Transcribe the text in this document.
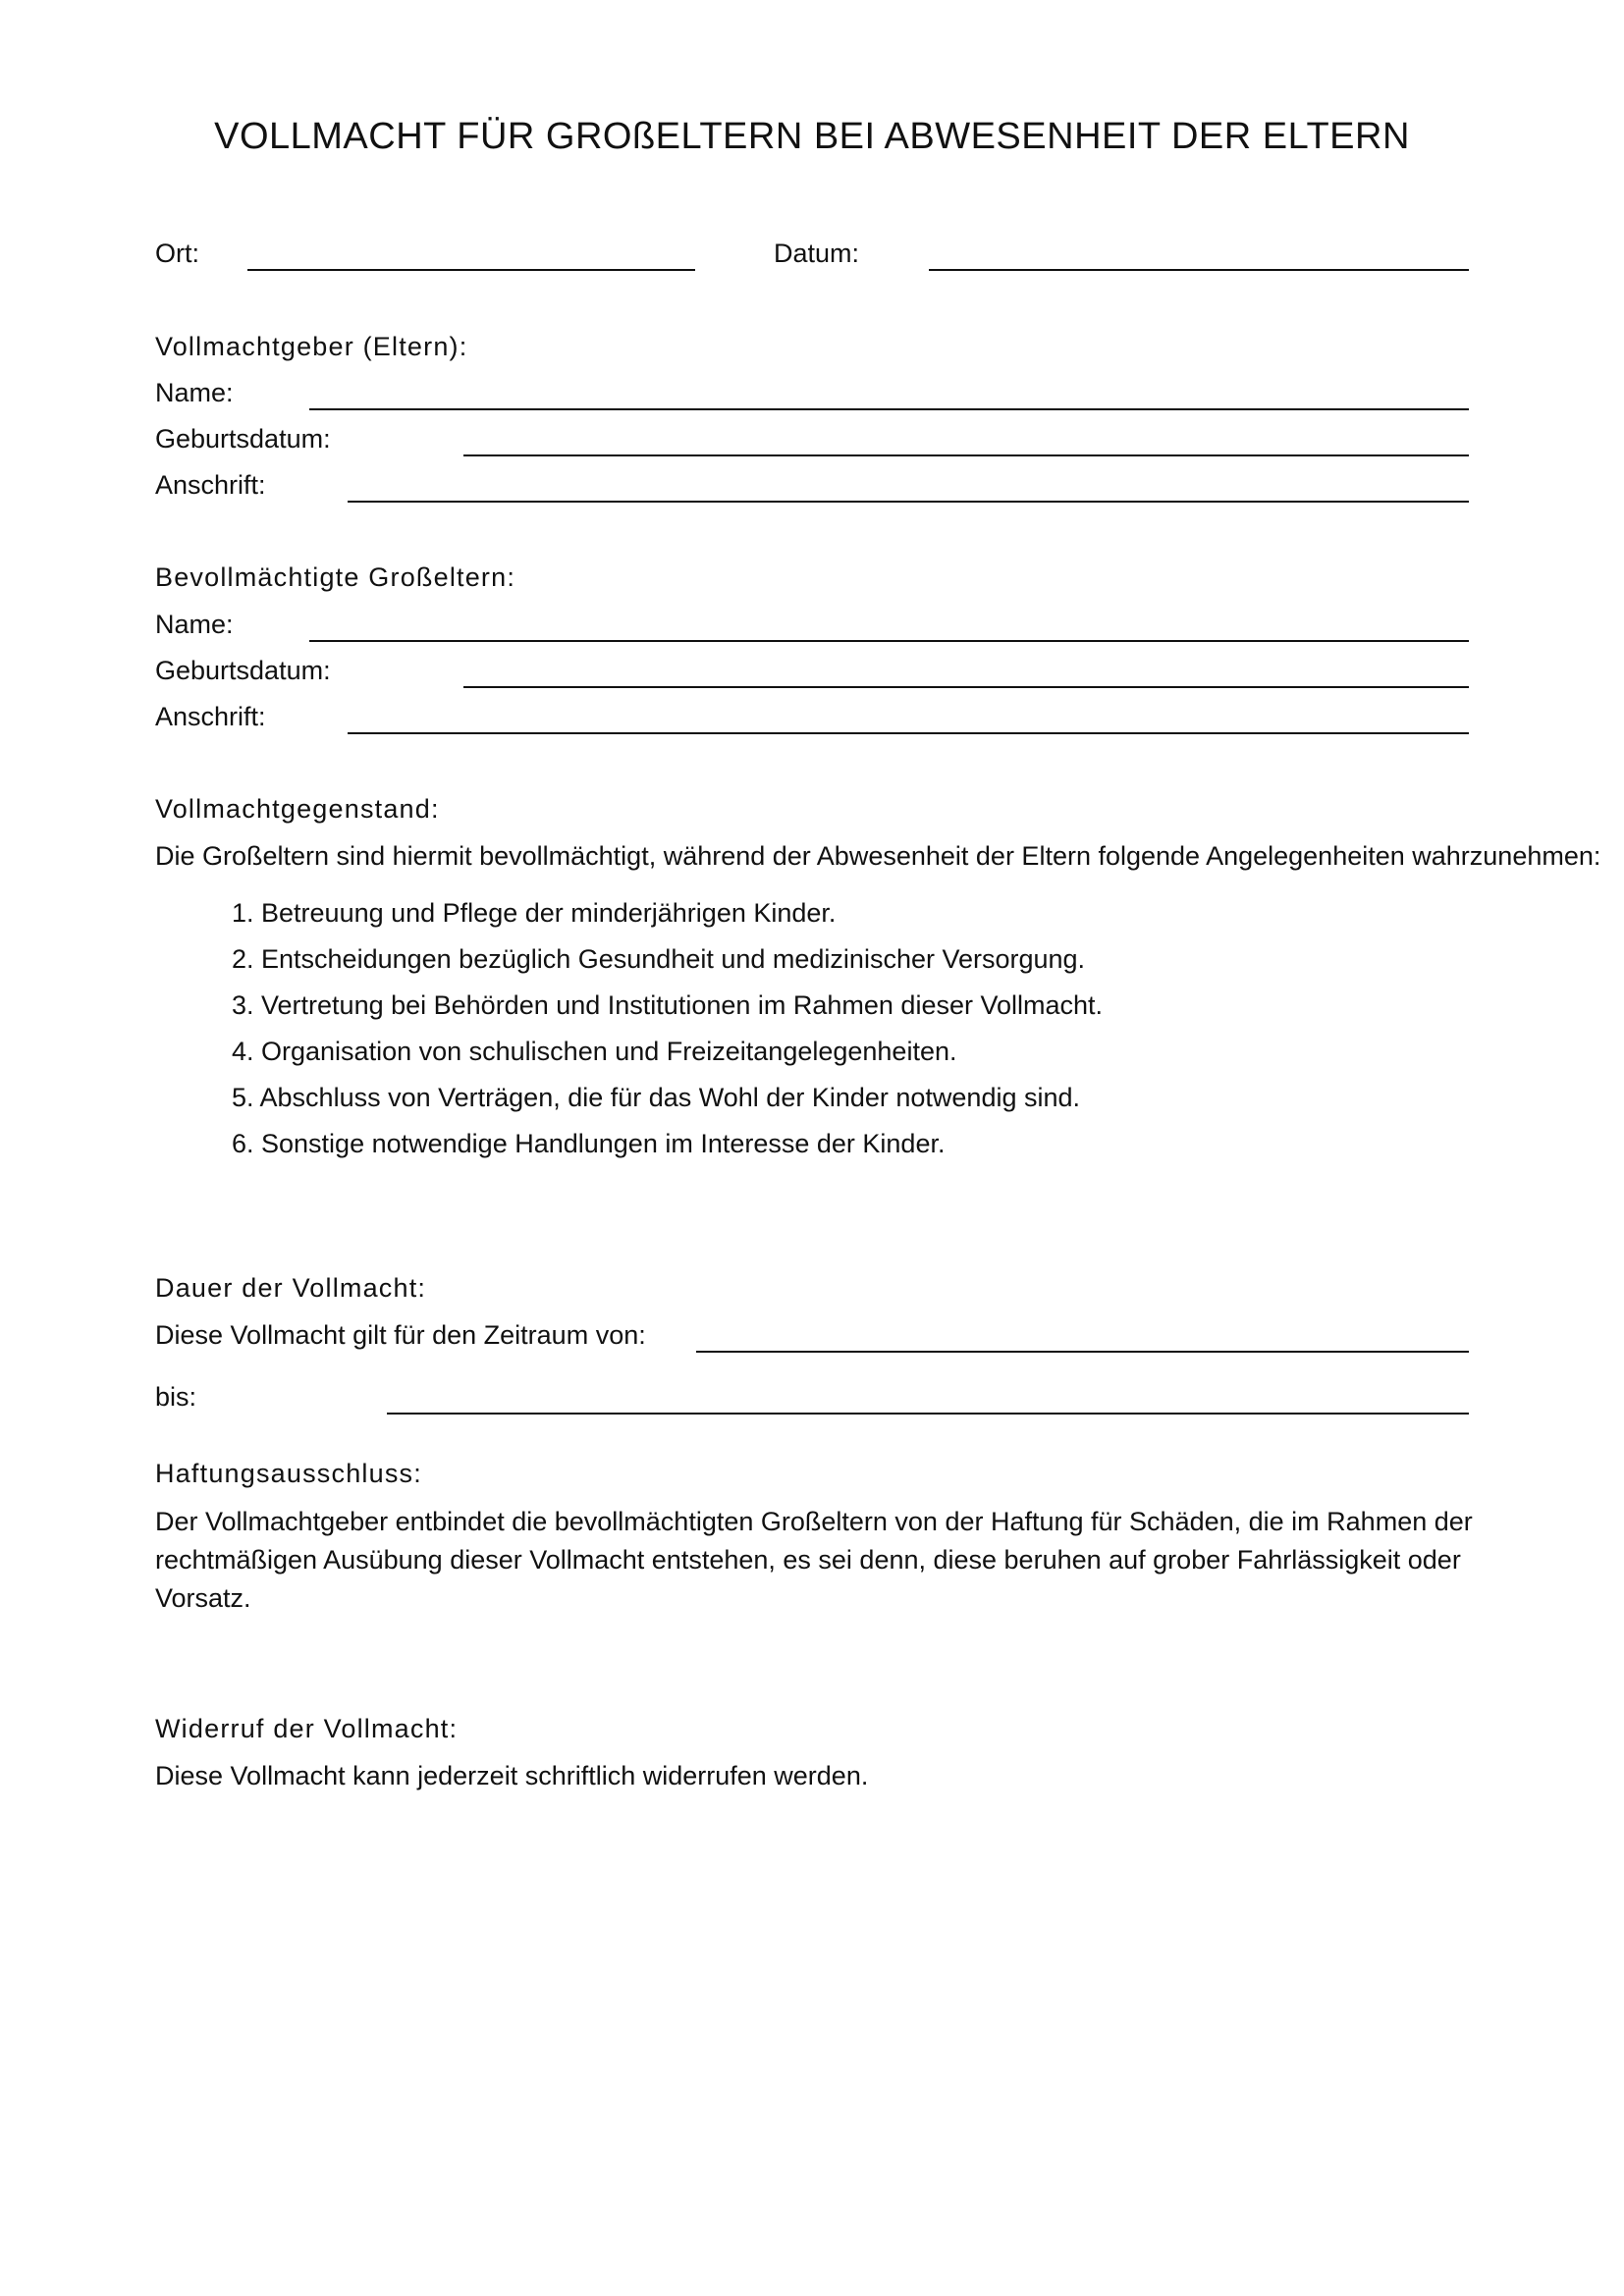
VOLLMACHT FÜR GROßELTERN BEI ABWESENHEIT DER ELTERN
Ort:	Datum:
Vollmachtgeber (Eltern):
Name:
Geburtsdatum:
Anschrift:
Bevollmächtigte Großeltern:
Name:
Geburtsdatum:
Anschrift:
Vollmachtgegenstand:
Die Großeltern sind hiermit bevollmächtigt, während der Abwesenheit der Eltern folgende Angelegenheiten wahrzunehmen:
1. Betreuung und Pflege der minderjährigen Kinder.
2. Entscheidungen bezüglich Gesundheit und medizinischer Versorgung.
3. Vertretung bei Behörden und Institutionen im Rahmen dieser Vollmacht.
4. Organisation von schulischen und Freizeitangelegenheiten.
5. Abschluss von Verträgen, die für das Wohl der Kinder notwendig sind.
6. Sonstige notwendige Handlungen im Interesse der Kinder.
Dauer der Vollmacht:
Diese Vollmacht gilt für den Zeitraum von:
bis:
Haftungsausschluss:
Der Vollmachtgeber entbindet die bevollmächtigten Großeltern von der Haftung für Schäden, die im Rahmen der rechtmäßigen Ausübung dieser Vollmacht entstehen, es sei denn, diese beruhen auf grober Fahrlässigkeit oder Vorsatz.
Widerruf der Vollmacht:
Diese Vollmacht kann jederzeit schriftlich widerrufen werden.
